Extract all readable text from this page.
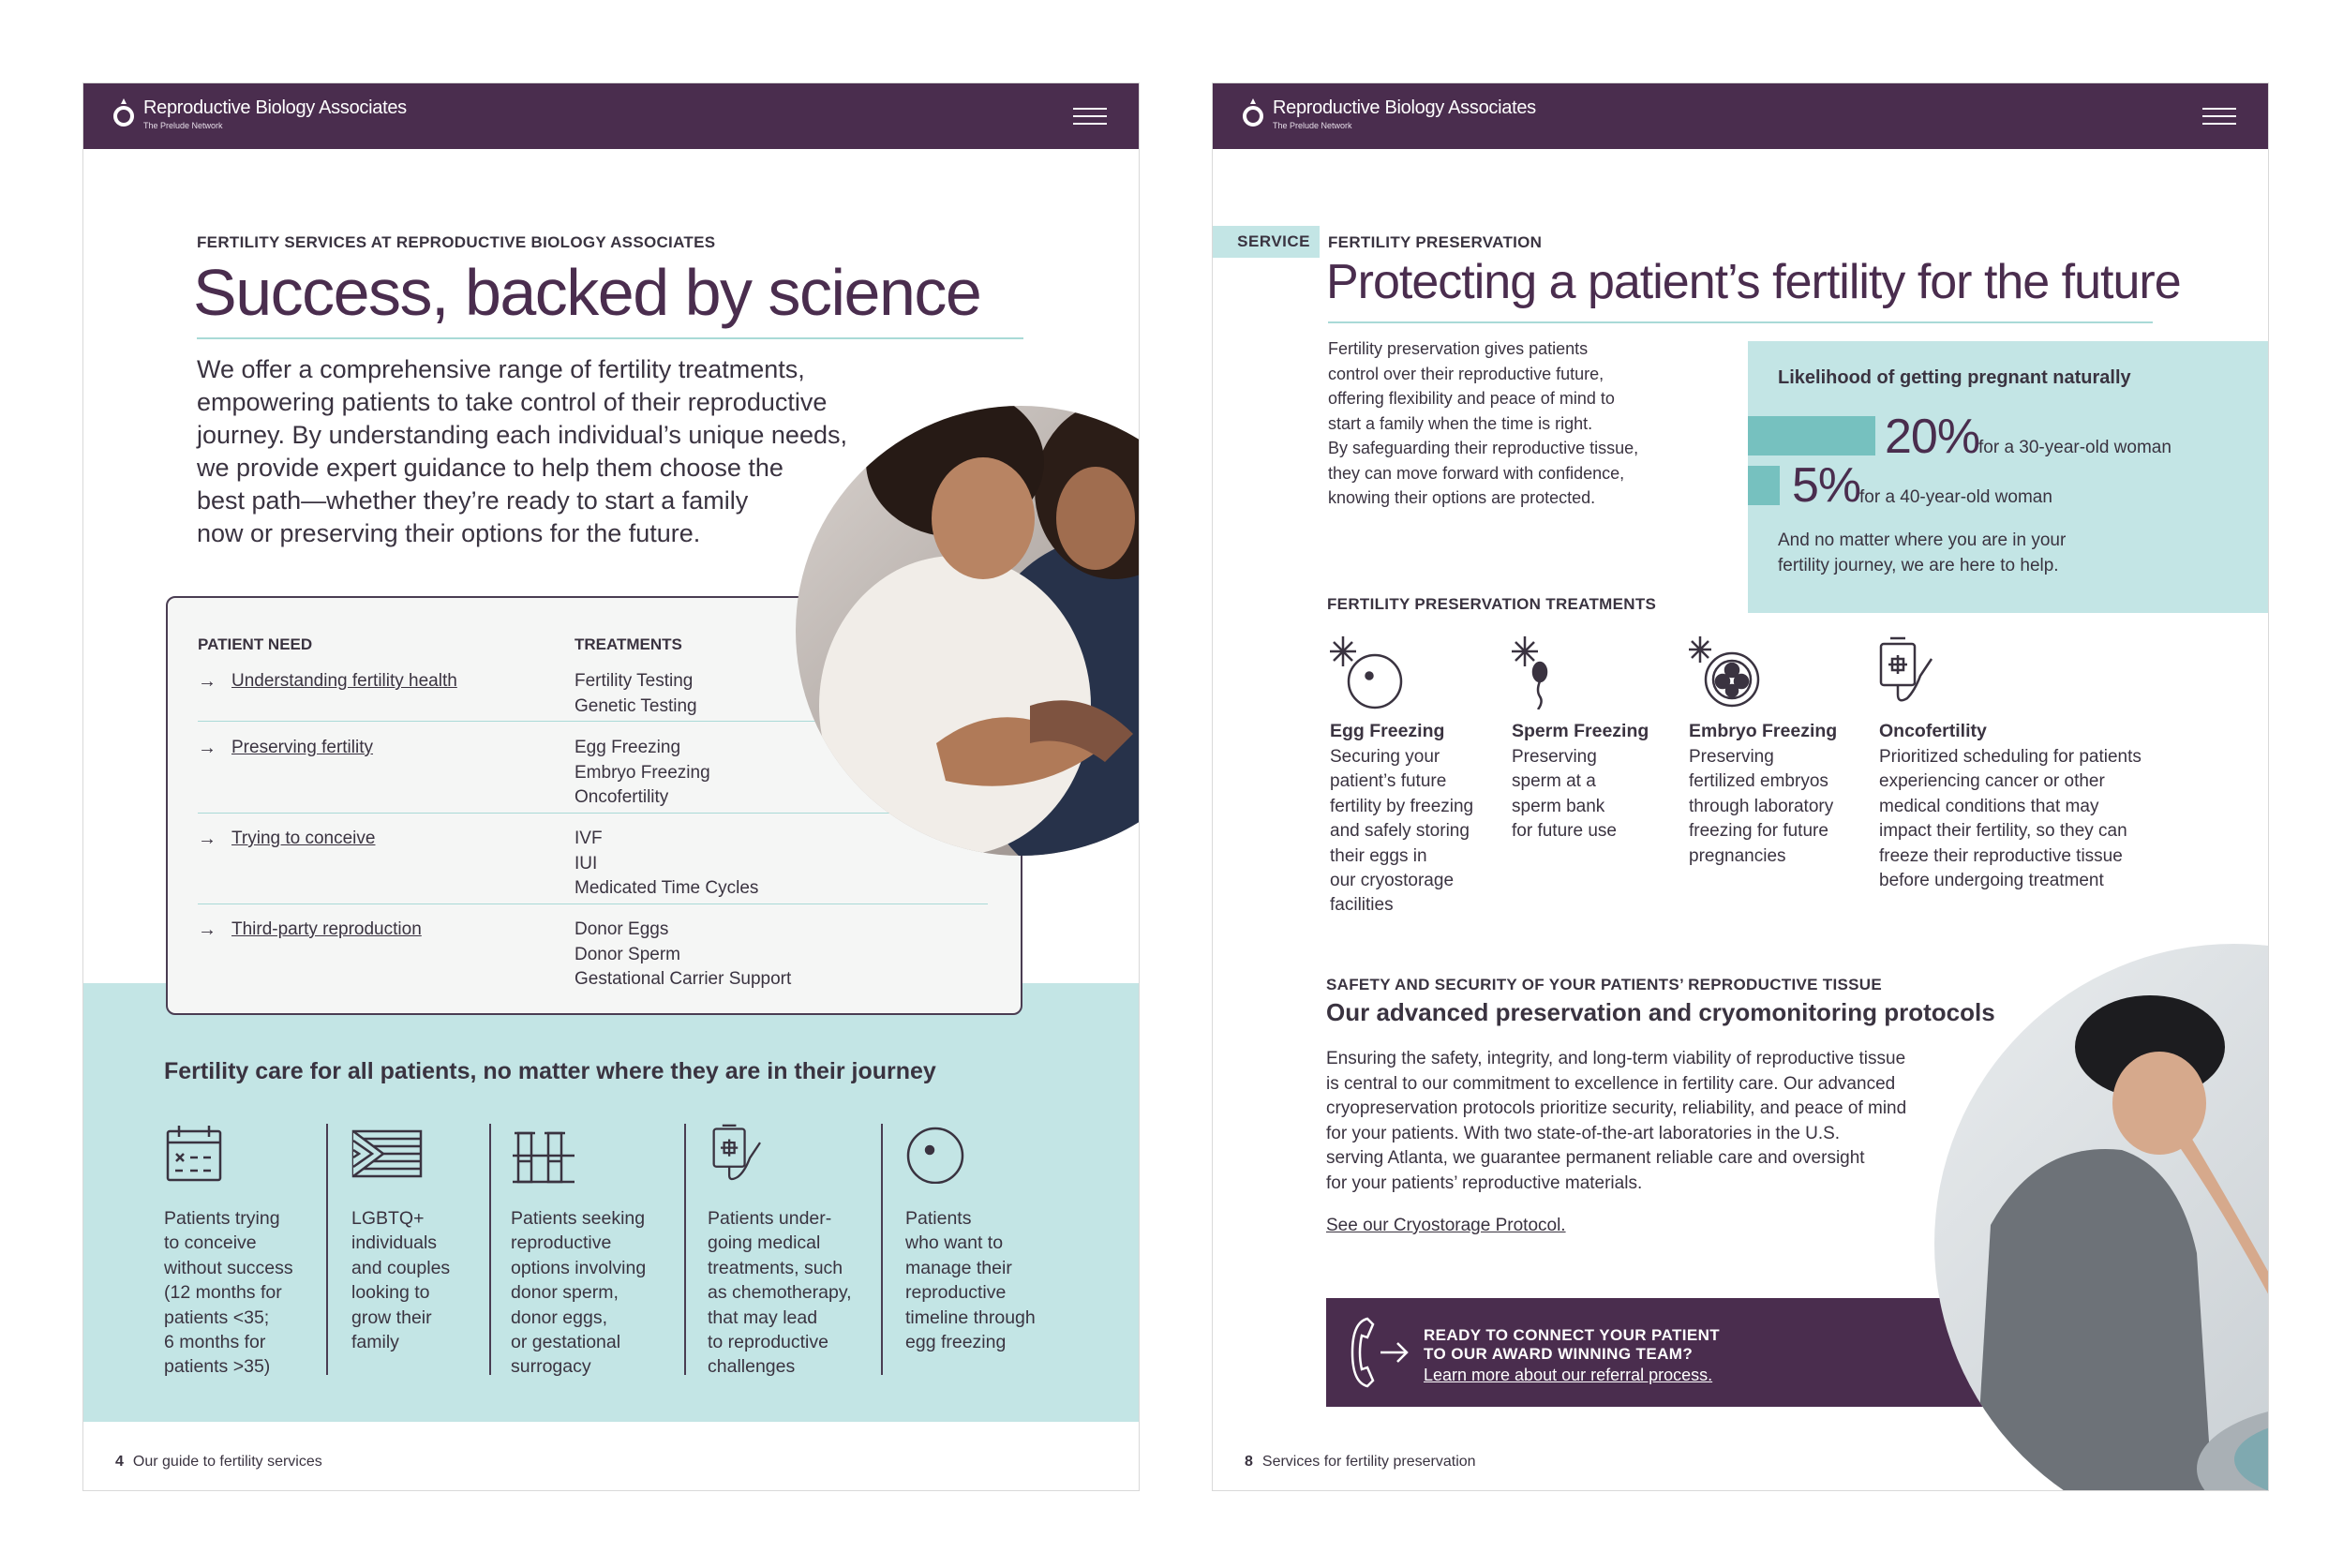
Reproductive Biology Associates
The Prelude Network
FERTILITY SERVICES AT REPRODUCTIVE BIOLOGY ASSOCIATES
Success, backed by science
We offer a comprehensive range of fertility treatments,
empowering patients to take control of their reproductive
journey. By understanding each individual’s unique needs,
we provide expert guidance to help them choose the
best path—whether they’re ready to start a family
now or preserving their options for the future.
PATIENT NEED	TREATMENTS
→ Understanding fertility health	Fertility Testing
Genetic Testing
→ Preserving fertility	Egg Freezing
Embryo Freezing
Oncofertility
→ Trying to conceive	IVF
IUI
Medicated Time Cycles
→ Third-party reproduction	Donor Eggs
Donor Sperm
Gestational Carrier Support
Fertility care for all patients, no matter where they are in their journey
Patients trying
to conceive
without success
(12 months for
patients <35;
6 months for
patients >35)
LGBTQ+
individuals
and couples
looking to
grow their
family
Patients seeking
reproductive
options involving
donor sperm,
donor eggs,
or gestational
surrogacy
Patients under-
going medical
treatments, such
as chemotherapy,
that may lead
to reproductive
challenges
Patients
who want to
manage their
reproductive
timeline through
egg freezing
4 Our guide to fertility services
Reproductive Biology Associates
The Prelude Network
SERVICE	FERTILITY PRESERVATION
Protecting a patient’s fertility for the future
Fertility preservation gives patients
control over their reproductive future,
offering flexibility and peace of mind to
start a family when the time is right.
By safeguarding their reproductive tissue,
they can move forward with confidence,
knowing their options are protected.
Likelihood of getting pregnant naturally
20%
for a 30-year-old woman
5%
for a 40-year-old woman
And no matter where you are in your
fertility journey, we are here to help.
FERTILITY PRESERVATION TREATMENTS
Egg Freezing
Securing your
patient’s future
fertility by freezing
and safely storing
their eggs in
our cryostorage
facilities
Sperm Freezing
Preserving
sperm at a
sperm bank
for future use
Embryo Freezing
Preserving
fertilized embryos
through laboratory
freezing for future
pregnancies
Oncofertility
Prioritized scheduling for patients
experiencing cancer or other
medical conditions that may
impact their fertility, so they can
freeze their reproductive tissue
before undergoing treatment
SAFETY AND SECURITY OF YOUR PATIENTS’ REPRODUCTIVE TISSUE
Our advanced preservation and cryomonitoring protocols
Ensuring the safety, integrity, and long-term viability of reproductive tissue
is central to our commitment to excellence in fertility care. Our advanced
cryopreservation protocols prioritize security, reliability, and peace of mind
for your patients. With two state-of-the-art laboratories in the U.S.
serving Atlanta, we guarantee permanent reliable care and oversight
for your patients’ reproductive materials.
See our Cryostorage Protocol.
READY TO CONNECT YOUR PATIENT
TO OUR AWARD WINNING TEAM?
Learn more about our referral process.
8 Services for fertility preservation
